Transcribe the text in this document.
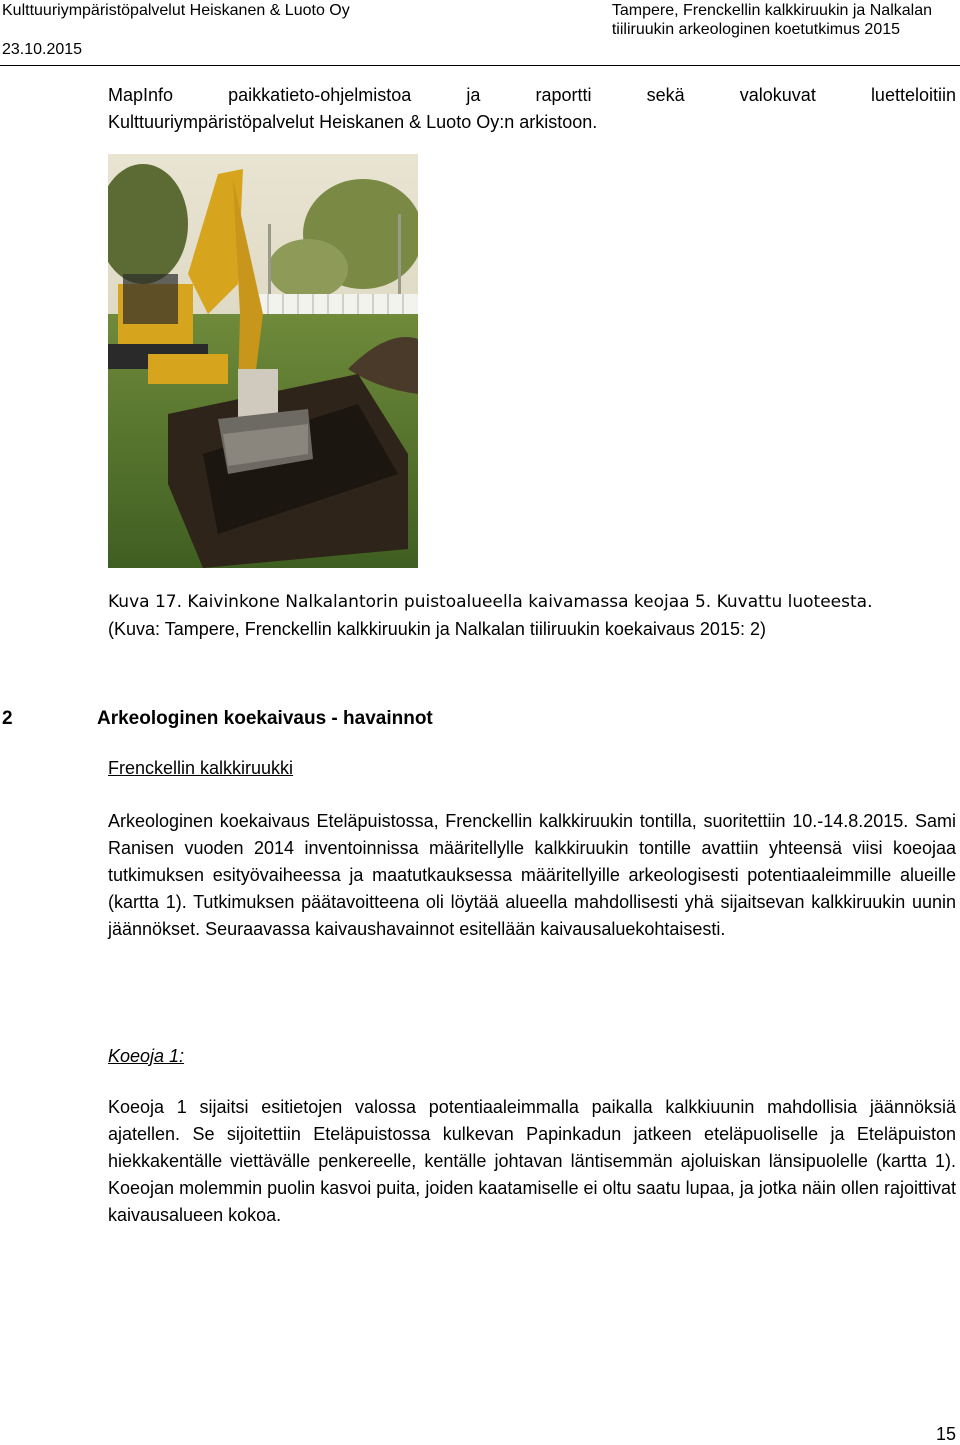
Kulttuuriympäristöpalvelut Heiskanen & Luoto Oy
23.10.2015
Tampere, Frenckellin kalkkiruukin ja Nalkalan
tiiliruukin arkeologinen koetutkimus 2015
MapInfo paikkatieto-ohjelmistoa ja raportti sekä valokuvat luetteloitiin
Kulttuuriympäristöpalvelut Heiskanen & Luoto Oy:n arkistoon.
Kuva 17. Kaivinkone Nalkalantorin puistoalueella kaivamassa keojaa 5. Kuvattu luoteesta.
(Kuva: Tampere, Frenckellin kalkkiruukin ja Nalkalan tiiliruukin koekaivaus 2015: 2)
2	Arkeologinen koekaivaus - havainnot
Frenckellin kalkkiruukki
Arkeologinen koekaivaus Eteläpuistossa, Frenckellin kalkkiruukin tontilla, suoritettiin 10.-14.8.2015. Sami Ranisen vuoden 2014 inventoinnissa määritellylle kalkkiruukin tontille avattiin yhteensä viisi koeojaa tutkimuksen esityövaiheessa ja maatutkauksessa määritellyille arkeologisesti potentiaaleimmille alueille (kartta 1). Tutkimuksen päätavoitteena oli löytää alueella mahdollisesti yhä sijaitsevan kalkkiruukin uunin jäännökset. Seuraavassa kaivaushavainnot esitellään kaivausaluekohtaisesti.
Koeoja 1:
Koeoja 1 sijaitsi esitietojen valossa potentiaaleimmalla paikalla kalkkiuunin mahdollisia jäännöksiä ajatellen. Se sijoitettiin Eteläpuistossa kulkevan Papinkadun jatkeen eteläpuoliselle ja Eteläpuiston hiekkakentälle viettävälle penkereelle, kentälle johtavan läntisemmän ajoluiskan länsipuolelle (kartta 1). Koeojan molemmin puolin kasvoi puita, joiden kaatamiselle ei oltu saatu lupaa, ja jotka näin ollen rajoittivat kaivausalueen kokoa.
15
